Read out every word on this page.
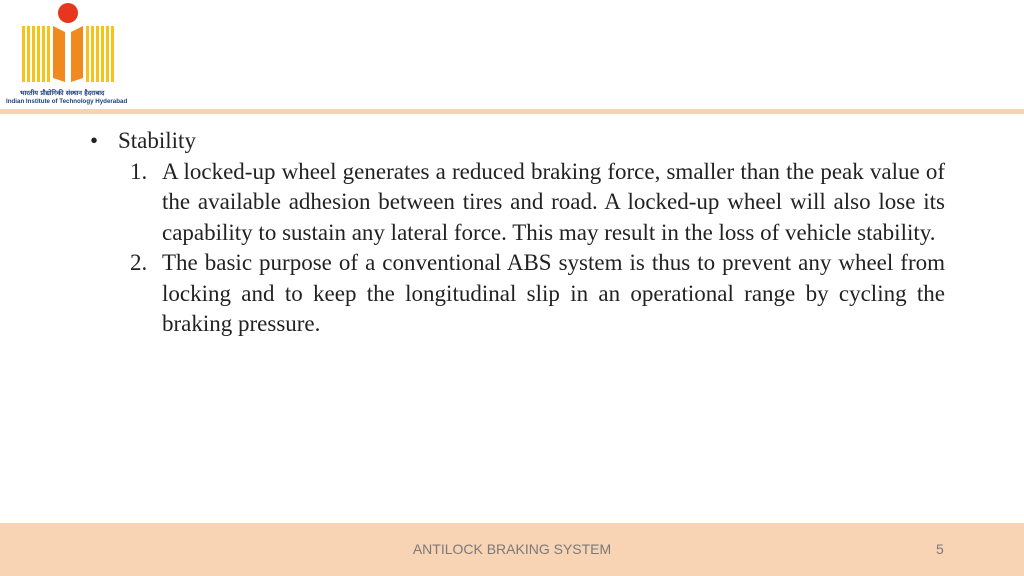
भारतीय प्रौद्योगिकी संस्थान हैदराबाद
Indian Institute of Technology Hyderabad
• Stability
1. A locked-up wheel generates a reduced braking force, smaller than the peak value of the available adhesion between tires and road. A locked-up wheel will also lose its capability to sustain any lateral force. This may result in the loss of vehicle stability.
2. The basic purpose of a conventional ABS system is thus to prevent any wheel from locking and to keep the longitudinal slip in an operational range by cycling the braking pressure.
ANTILOCK BRAKING SYSTEM	5
